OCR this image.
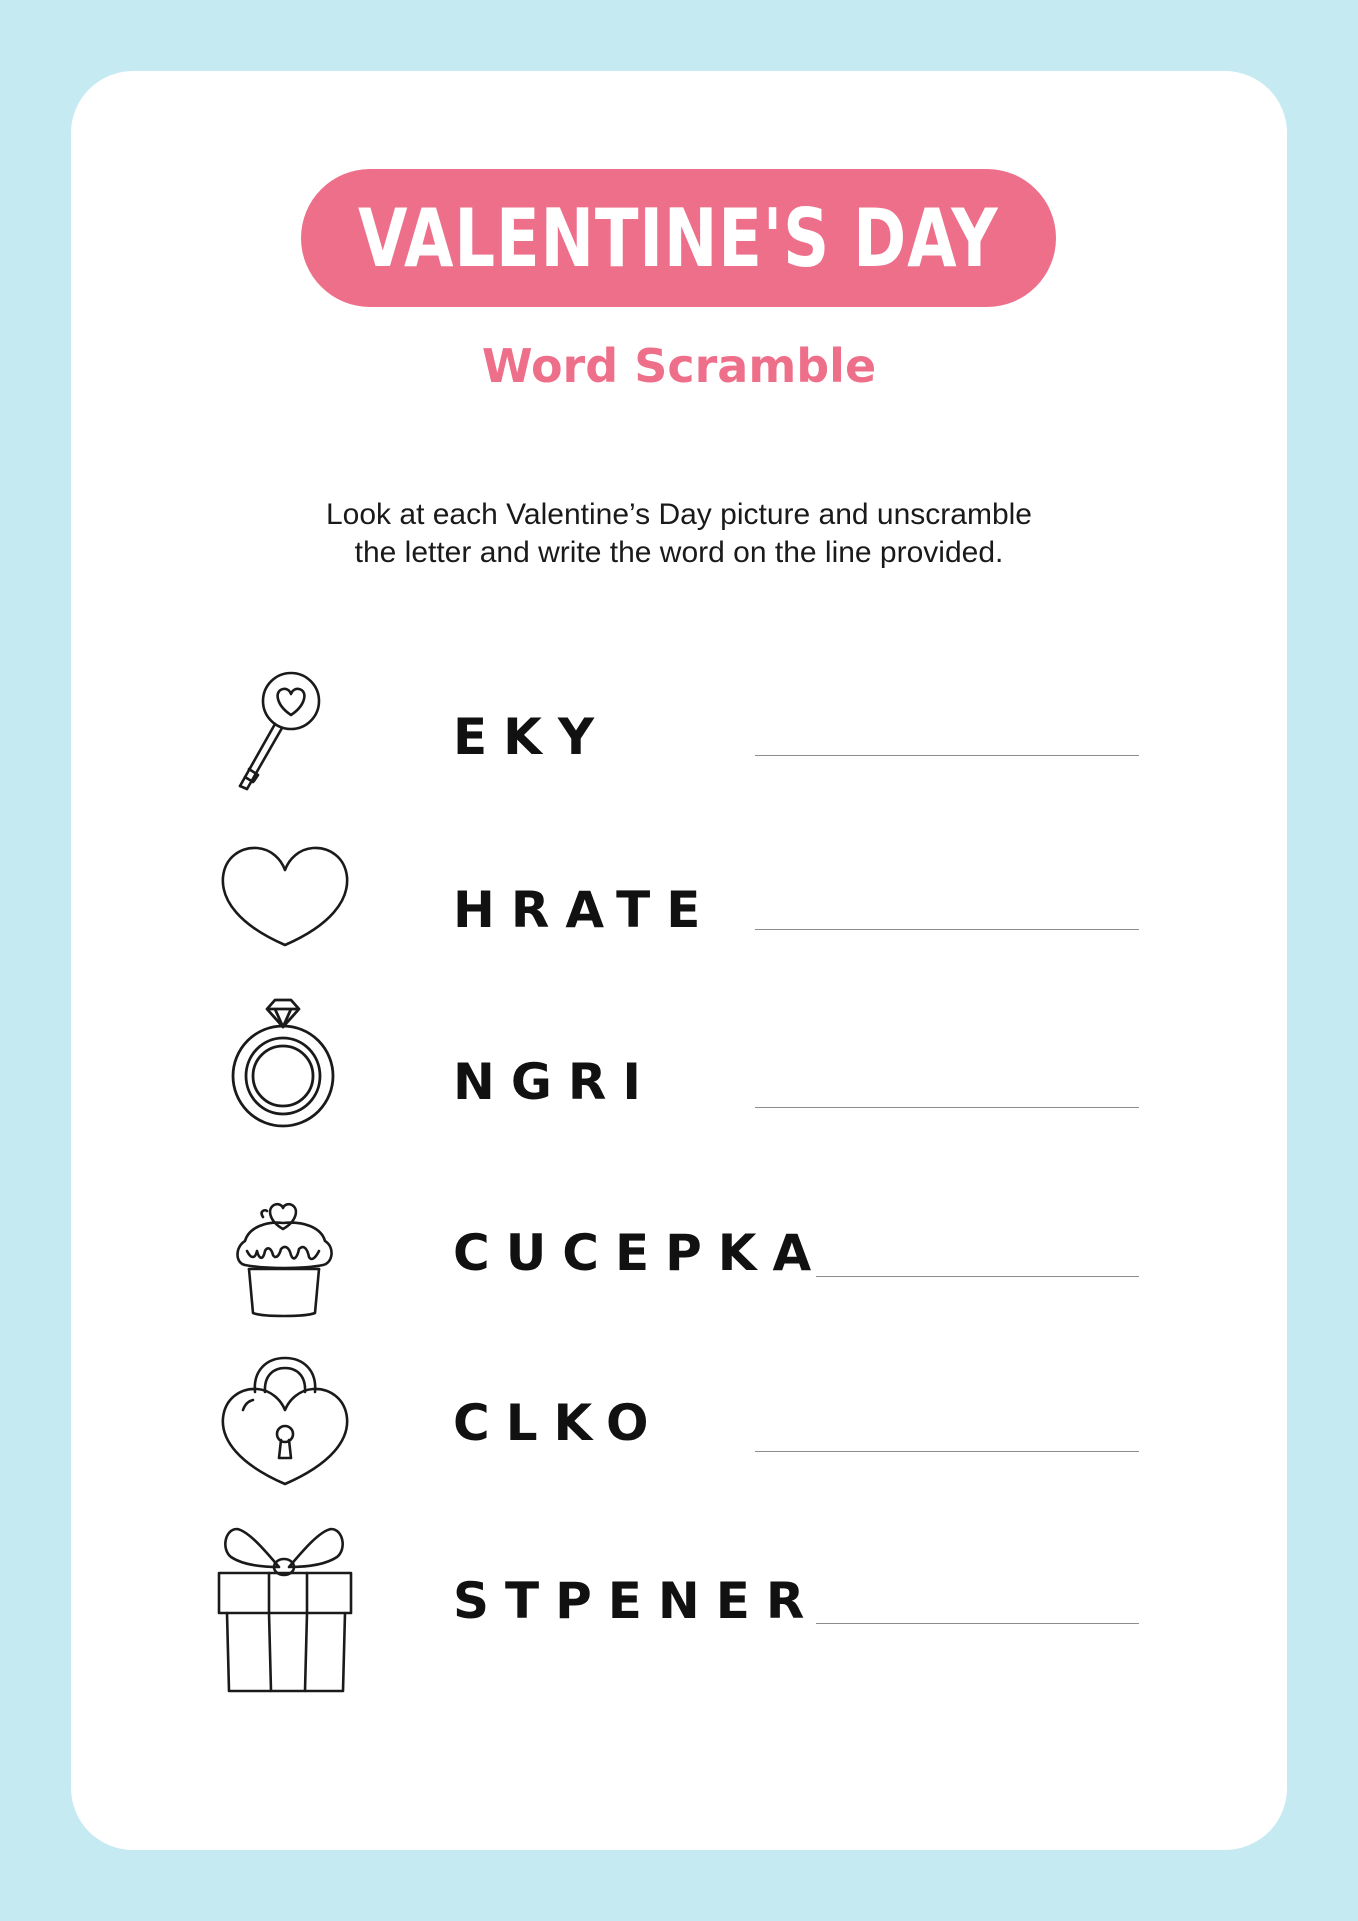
VALENTINE'S DAY
Word Scramble
Look at each Valentine’s Day picture and unscramble
the letter and write the word on the line provided.
EKY
HRATE
NGRI
CUCEPKA
CLKO
STPENER
